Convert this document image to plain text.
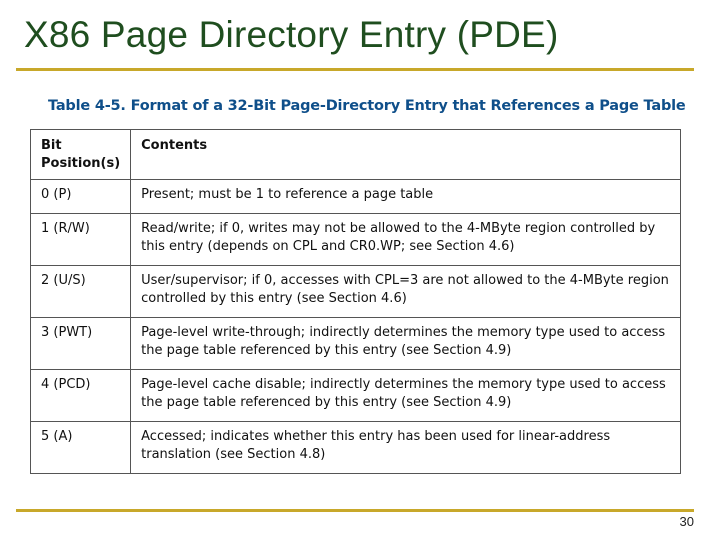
X86 Page Directory Entry (PDE)
Table 4-5. Format of a 32-Bit Page-Directory Entry that References a Page Table
Bit
Position(s)	Contents
0 (P)	Present; must be 1 to reference a page table
1 (R/W)	Read/write; if 0, writes may not be allowed to the 4-MByte region controlled by this entry (depends on CPL and CR0.WP; see Section 4.6)
2 (U/S)	User/supervisor; if 0, accesses with CPL=3 are not allowed to the 4-MByte region controlled by this entry (see Section 4.6)
3 (PWT)	Page-level write-through; indirectly determines the memory type used to access the page table referenced by this entry (see Section 4.9)
4 (PCD)	Page-level cache disable; indirectly determines the memory type used to access the page table referenced by this entry (see Section 4.9)
5 (A)	Accessed; indicates whether this entry has been used for linear-address translation (see Section 4.8)
30
